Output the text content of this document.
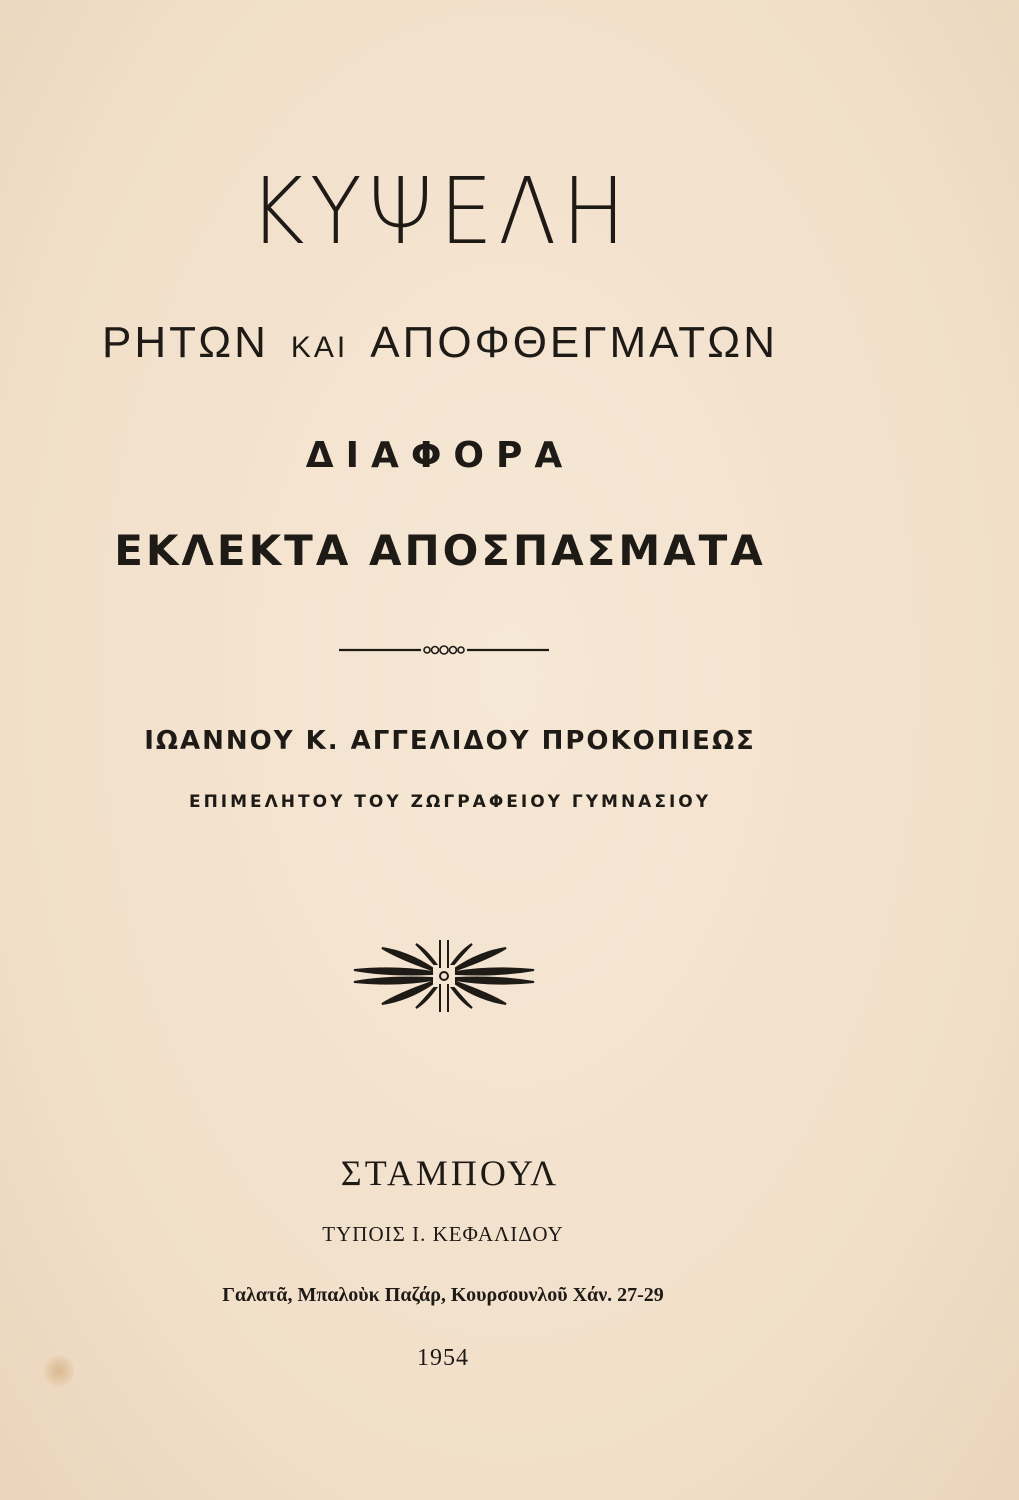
ΚΥΨΕΛΗ
ΡΗΤΩΝ ΚΑΙ ΑΠΟΦΘΕΓΜΑΤΩΝ
ΔΙΑΦΟΡΑ
ΕΚΛΕΚΤΑ ΑΠΟΣΠΑΣΜΑΤΑ
ΙΩΑΝΝΟΥ Κ. ΑΓΓΕΛΙΔΟΥ ΠΡΟΚΟΠΙΕΩΣ
ΕΠΙΜΕΛΗΤΟΥ ΤΟΥ ΖΩΓΡΑΦΕΙΟΥ ΓΥΜΝΑΣΙΟΥ
ΣΤΑΜΠΟΥΛ
ΤΥΠΟΙΣ Ι. ΚΕΦΑΛΙΔΟΥ
Γαλατᾶ, Μπαλοὺκ Παζάρ, Κουρσουνλοῦ Χάν. 27-29
1954
